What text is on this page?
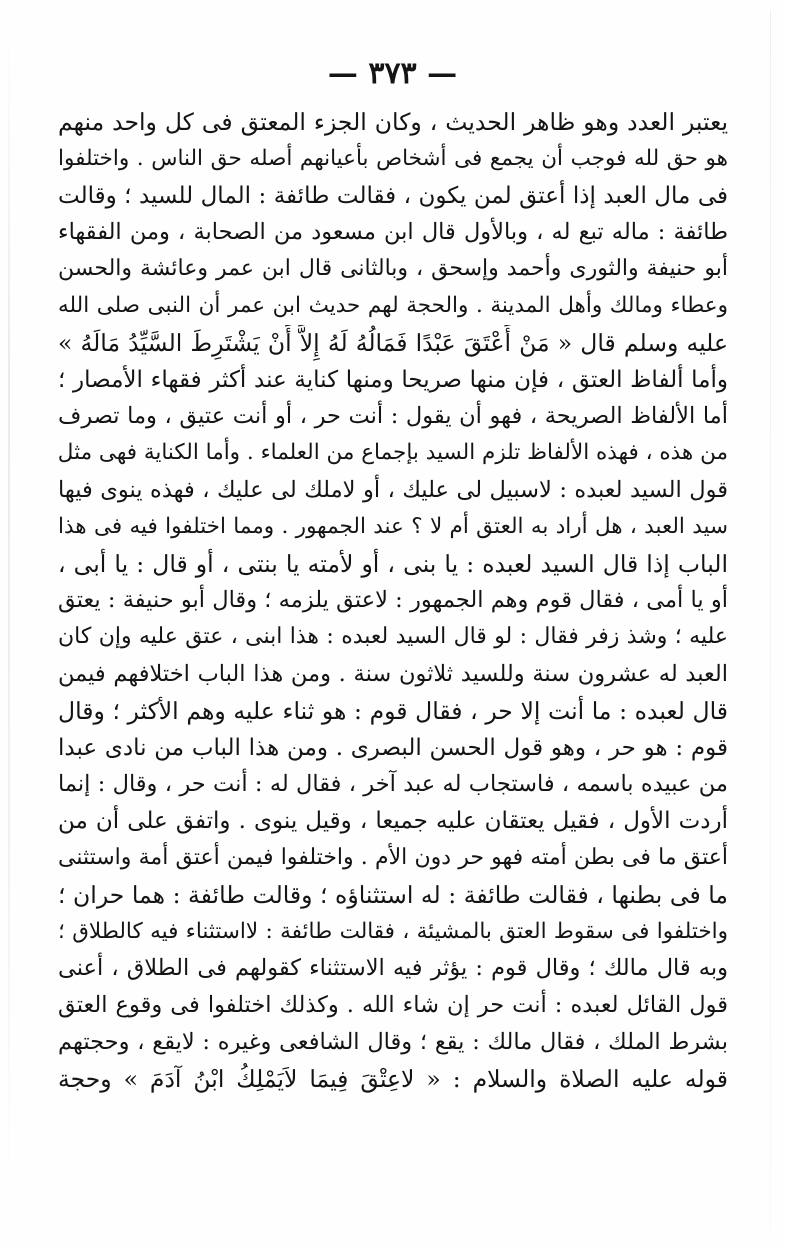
— ٣٧٣ —
يعتبر العدد وهو ظاهر الحديث ، وكان الجزء المعتق فى كل واحد منهم
هو حق لله فوجب أن يجمع فى أشخاص بأعيانهم أصله حق الناس . واختلفوا
فى مال العبد إذا أعتق لمن يكون ، فقالت طائفة : المال للسيد ؛ وقالت
طائفة : ماله تبع له ، وبالأول قال ابن مسعود من الصحابة ، ومن الفقهاء
أبو حنيفة والثورى وأحمد وإسحق ، وبالثانى قال ابن عمر وعائشة والحسن
وعطاء ومالك وأهل المدينة . والحجة لهم حديث ابن عمر أن النبى صلى الله
عليه وسلم قال « مَنْ أَعْتَقَ عَبْدًا فَمَالُهُ لَهُ إِلاَّ أَنْ يَشْتَرِطَ السَّيِّدُ مَالَهُ »
وأما ألفاظ العتق ، فإن منها صريحا ومنها كناية عند أكثر فقهاء الأمصار ؛
أما الألفاظ الصريحة ، فهو أن يقول : أنت حر ، أو أنت عتيق ، وما تصرف
من هذه ، فهذه الألفاظ تلزم السيد بإجماع من العلماء . وأما الكناية فهى مثل
قول السيد لعبده : لاسبيل لى عليك ، أو لاملك لى عليك ، فهذه ينوى فيها
سيد العبد ، هل أراد به العتق أم لا ؟ عند الجمهور . ومما اختلفوا فيه فى هذا
الباب إذا قال السيد لعبده : يا بنى ، أو لأمته يا بنتى ، أو قال : يا أبى ،
أو يا أمى ، فقال قوم وهم الجمهور : لاعتق يلزمه ؛ وقال أبو حنيفة : يعتق
عليه ؛ وشذ زفر فقال : لو قال السيد لعبده : هذا ابنى ، عتق عليه وإن كان
العبد له عشرون سنة وللسيد ثلاثون سنة . ومن هذا الباب اختلافهم فيمن
قال لعبده : ما أنت إلا حر ، فقال قوم : هو ثناء عليه وهم الأكثر ؛ وقال
قوم : هو حر ، وهو قول الحسن البصرى . ومن هذا الباب من نادى عبدا
من عبيده باسمه ، فاستجاب له عبد آخر ، فقال له : أنت حر ، وقال : إنما
أردت الأول ، فقيل يعتقان عليه جميعا ، وقيل ينوى . واتفق على أن من
أعتق ما فى بطن أمته فهو حر دون الأم . واختلفوا فيمن أعتق أمة واستثنى
ما فى بطنها ، فقالت طائفة : له استثناؤه ؛ وقالت طائفة : هما حران ؛
واختلفوا فى سقوط العتق بالمشيئة ، فقالت طائفة : لااستثناء فيه كالطلاق ؛
وبه قال مالك ؛ وقال قوم : يؤثر فيه الاستثناء كقولهم فى الطلاق ، أعنى
قول القائل لعبده : أنت حر إن شاء الله . وكذلك اختلفوا فى وقوع العتق
بشرط الملك ، فقال مالك : يقع ؛ وقال الشافعى وغيره : لايقع ، وحجتهم
قوله عليه الصلاة والسلام : « لاعِتْقَ فِيمَا لاَيَمْلِكُ ابْنُ آدَمَ » وحجة
